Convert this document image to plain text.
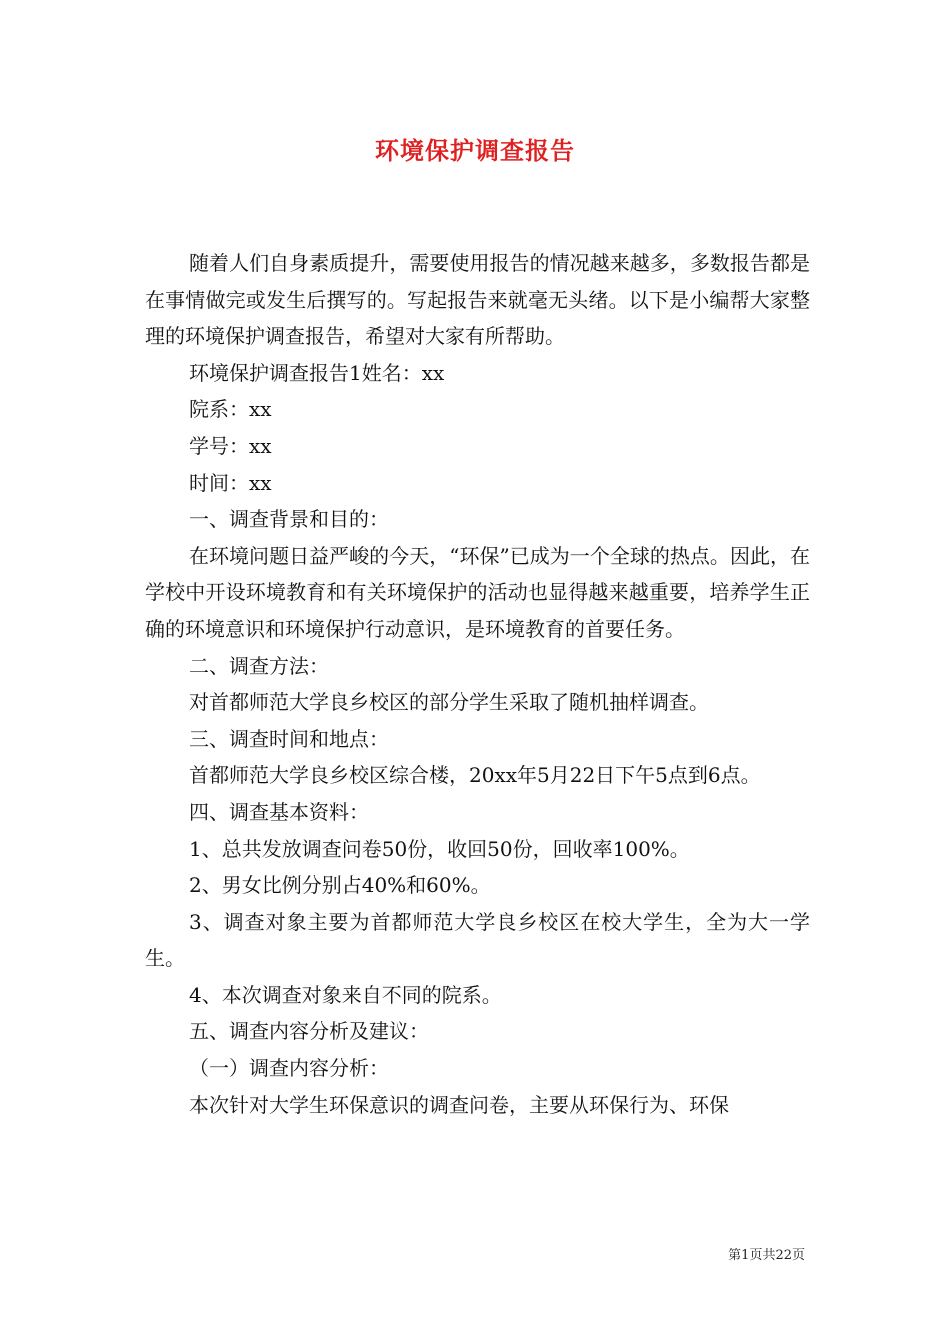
环境保护调查报告

随着人们自身素质提升，需要使用报告的情况越来越多，多数报告都是在事情做完或发生后撰写的。写起报告来就毫无头绪。以下是小编帮大家整理的环境保护调查报告，希望对大家有所帮助。

环境保护调查报告1姓名：xx

院系：xx

学号：xx

时间：xx

一、调查背景和目的：

在环境问题日益严峻的今天，“环保”已成为一个全球的热点。因此，在学校中开设环境教育和有关环境保护的活动也显得越来越重要，培养学生正确的环境意识和环境保护行动意识，是环境教育的首要任务。

二、调查方法：

对首都师范大学良乡校区的部分学生采取了随机抽样调查。

三、调查时间和地点：

首都师范大学良乡校区综合楼，20xx年5月22日下午5点到6点。

四、调查基本资料：

1、总共发放调查问卷50份，收回50份，回收率100%。

2、男女比例分别占40%和60%。

3、调查对象主要为首都师范大学良乡校区在校大学生，全为大一学生。

4、本次调查对象来自不同的院系。

五、调查内容分析及建议：

（一）调查内容分析：

本次针对大学生环保意识的调查问卷，主要从环保行为、环保

第1页共22页
